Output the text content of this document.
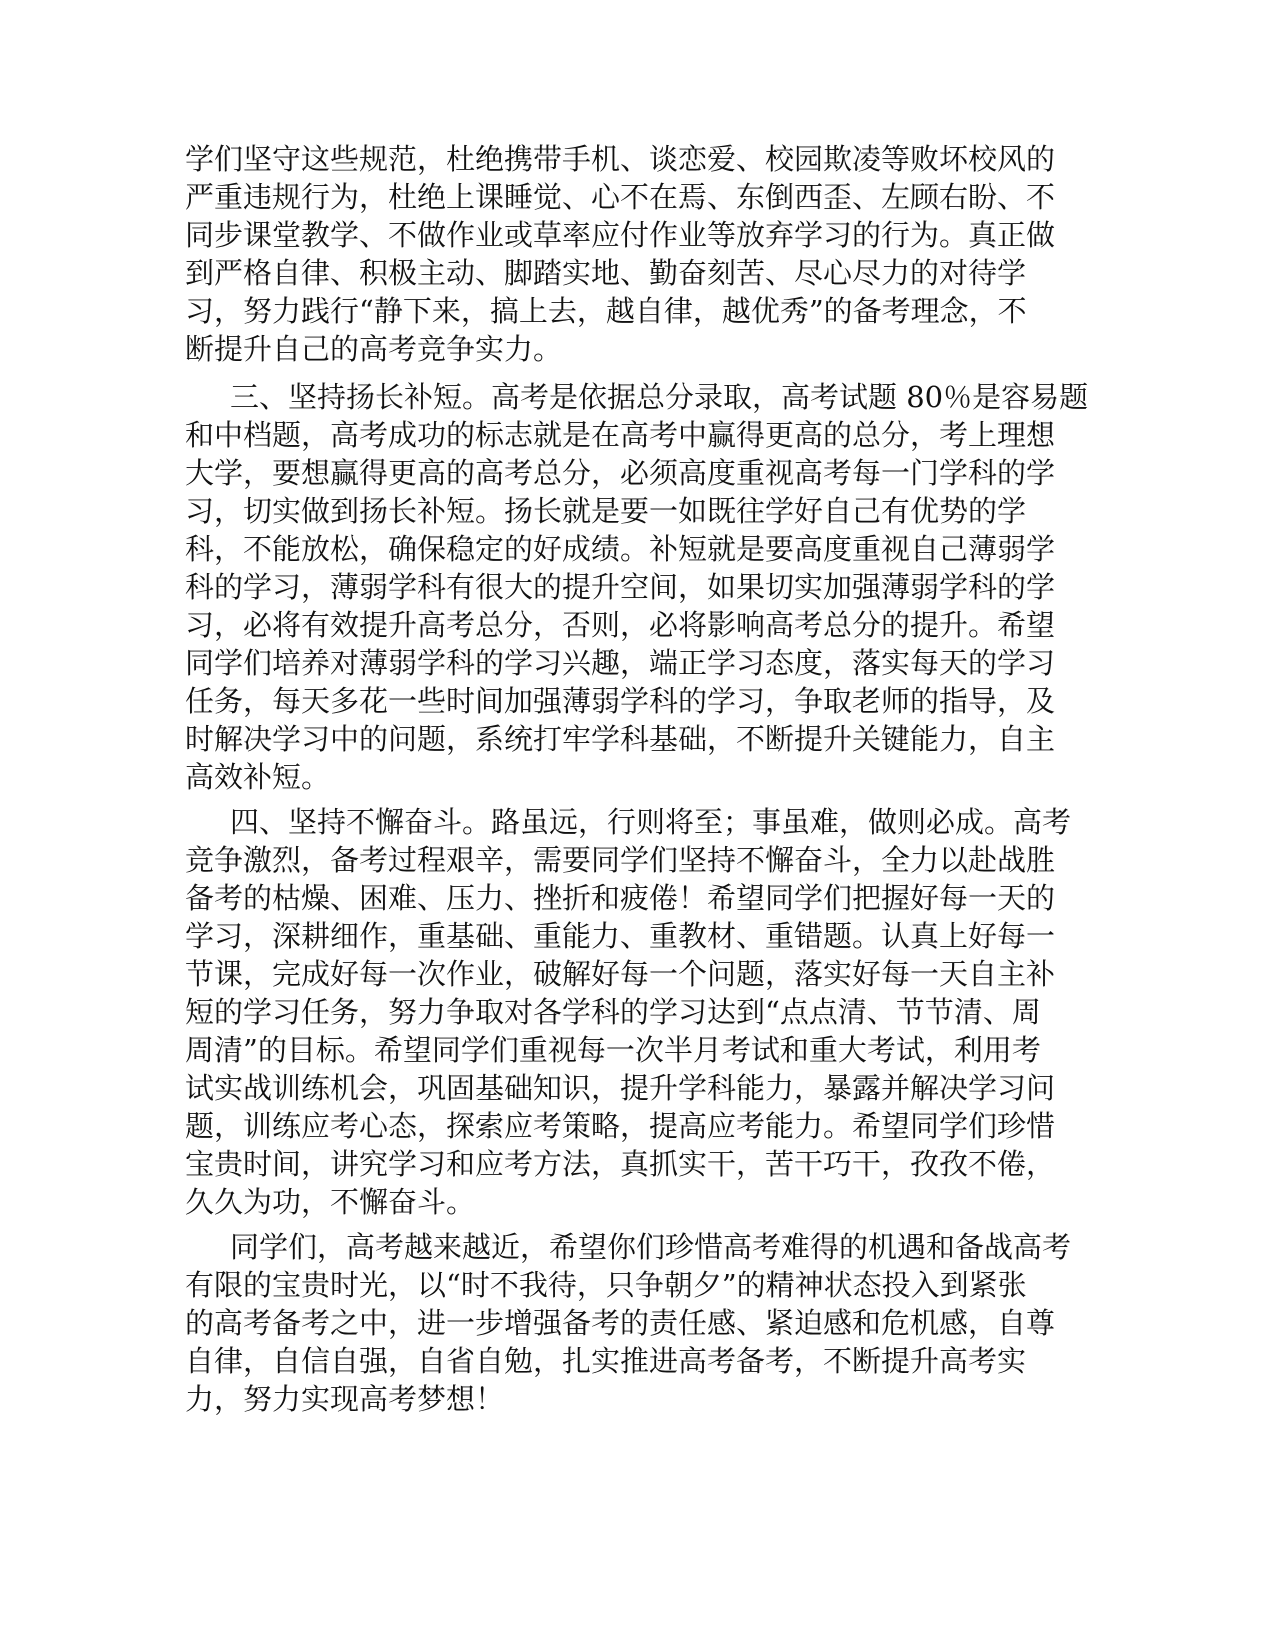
学们坚守这些规范，杜绝携带手机、谈恋爱、校园欺凌等败坏校风的
严重违规行为，杜绝上课睡觉、心不在焉、东倒西歪、左顾右盼、不
同步课堂教学、不做作业或草率应付作业等放弃学习的行为。真正做
到严格自律、积极主动、脚踏实地、勤奋刻苦、尽心尽力的对待学
习，努力践行“静下来，搞上去，越自律，越优秀”的备考理念，不
断提升自己的高考竞争实力。
三、坚持扬长补短。高考是依据总分录取，高考试题 80％是容易题
和中档题，高考成功的标志就是在高考中赢得更高的总分，考上理想
大学，要想赢得更高的高考总分，必须高度重视高考每一门学科的学
习，切实做到扬长补短。扬长就是要一如既往学好自己有优势的学
科，不能放松，确保稳定的好成绩。补短就是要高度重视自己薄弱学
科的学习，薄弱学科有很大的提升空间，如果切实加强薄弱学科的学
习，必将有效提升高考总分，否则，必将影响高考总分的提升。希望
同学们培养对薄弱学科的学习兴趣，端正学习态度，落实每天的学习
任务，每天多花一些时间加强薄弱学科的学习，争取老师的指导，及
时解决学习中的问题，系统打牢学科基础，不断提升关键能力，自主
高效补短。
四、坚持不懈奋斗。路虽远，行则将至；事虽难，做则必成。高考
竞争激烈，备考过程艰辛，需要同学们坚持不懈奋斗，全力以赴战胜
备考的枯燥、困难、压力、挫折和疲倦！希望同学们把握好每一天的
学习，深耕细作，重基础、重能力、重教材、重错题。认真上好每一
节课，完成好每一次作业，破解好每一个问题，落实好每一天自主补
短的学习任务，努力争取对各学科的学习达到“点点清、节节清、周
周清”的目标。希望同学们重视每一次半月考试和重大考试，利用考
试实战训练机会，巩固基础知识，提升学科能力，暴露并解决学习问
题，训练应考心态，探索应考策略，提高应考能力。希望同学们珍惜
宝贵时间，讲究学习和应考方法，真抓实干，苦干巧干，孜孜不倦，
久久为功，不懈奋斗。
同学们，高考越来越近，希望你们珍惜高考难得的机遇和备战高考
有限的宝贵时光，以“时不我待，只争朝夕”的精神状态投入到紧张
的高考备考之中，进一步增强备考的责任感、紧迫感和危机感，自尊
自律，自信自强，自省自勉，扎实推进高考备考，不断提升高考实
力，努力实现高考梦想！
